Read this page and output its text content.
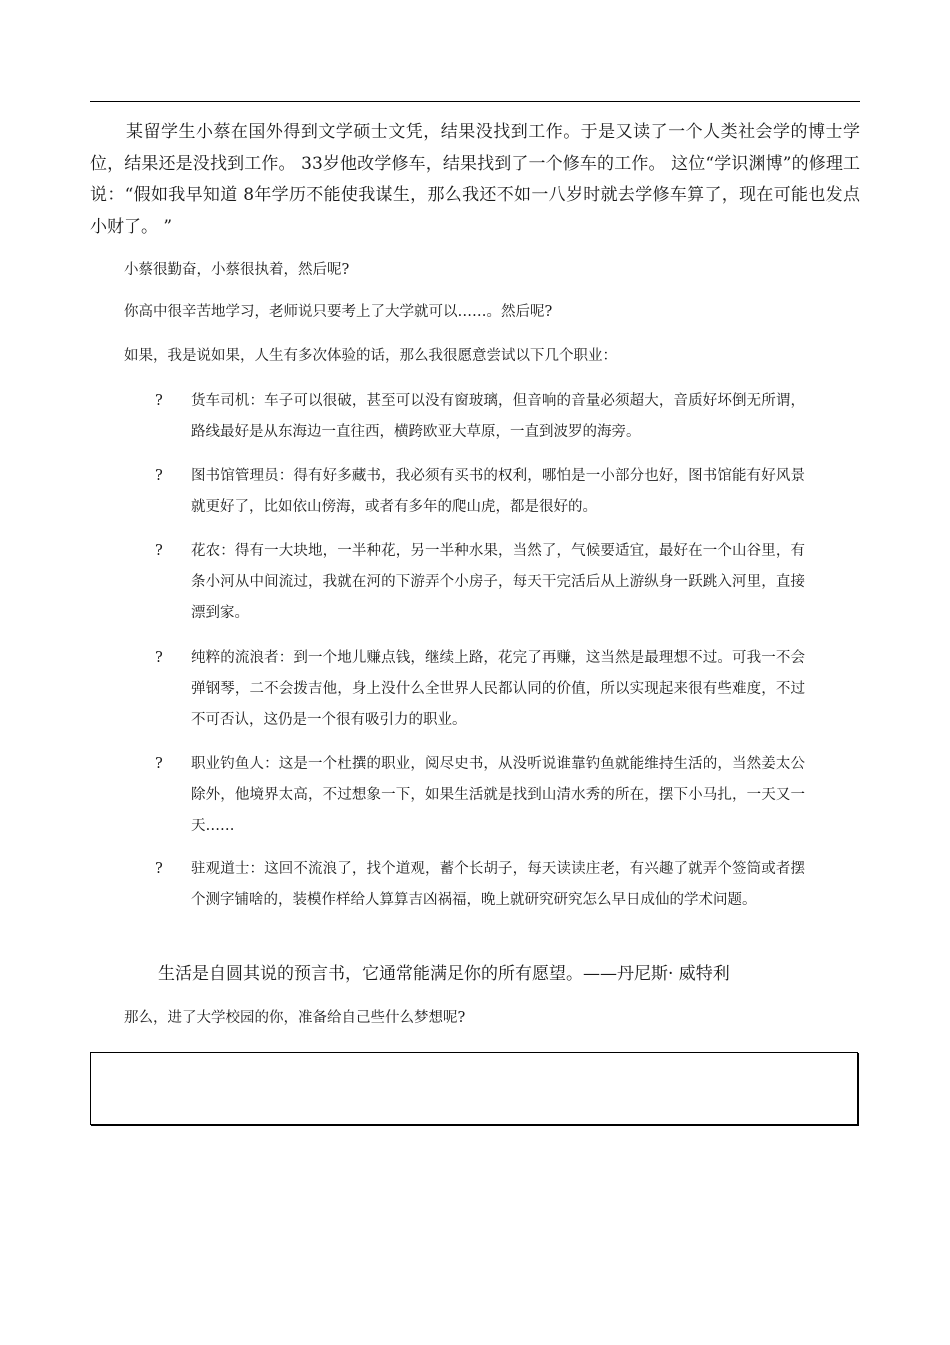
某留学生小蔡在国外得到文学硕士文凭，结果没找到工作。于是又读了一个人类社会学的博士学位，结果还是没找到工作。 33岁他改学修车，结果找到了一个修车的工作。 这位“学识渊博”的修理工说：“假如我早知道 8年学历不能使我谋生，那么我还不如一八岁时就去学修车算了，现在可能也发点小财了。 ”

小蔡很勤奋，小蔡很执着，然后呢?

你高中很辛苦地学习，老师说只要考上了大学就可以……。然后呢?

如果，我是说如果，人生有多次体验的话，那么我很愿意尝试以下几个职业：

?	货车司机：车子可以很破，甚至可以没有窗玻璃，但音响的音量必须超大，音质好坏倒无所谓，路线最好是从东海边一直往西，横跨欧亚大草原，一直到波罗的海旁。
?	图书馆管理员：得有好多藏书，我必须有买书的权利，哪怕是一小部分也好，图书馆能有好风景就更好了，比如依山傍海，或者有多年的爬山虎，都是很好的。
?	花农：得有一大块地，一半种花，另一半种水果，当然了，气候要适宜，最好在一个山谷里，有条小河从中间流过，我就在河的下游弄个小房子，每天干完活后从上游纵身一跃跳入河里，直接漂到家。
?	纯粹的流浪者：到一个地儿赚点钱，继续上路，花完了再赚，这当然是最理想不过。可我一不会弹钢琴，二不会拨吉他，身上没什么全世界人民都认同的价值，所以实现起来很有些难度，不过不可否认，这仍是一个很有吸引力的职业。
?	职业钓鱼人：这是一个杜撰的职业，阅尽史书，从没听说谁靠钓鱼就能维持生活的，当然姜太公除外，他境界太高，不过想象一下，如果生活就是找到山清水秀的所在，摆下小马扎，一天又一天……
?	驻观道士：这回不流浪了，找个道观，蓄个长胡子，每天读读庄老，有兴趣了就弄个签筒或者摆个测字铺啥的，装模作样给人算算吉凶祸福，晚上就研究研究怎么早日成仙的学术问题。

生活是自圆其说的预言书，它通常能满足你的所有愿望。——丹尼斯· 威特利

那么，进了大学校园的你，准备给自己些什么梦想呢?
